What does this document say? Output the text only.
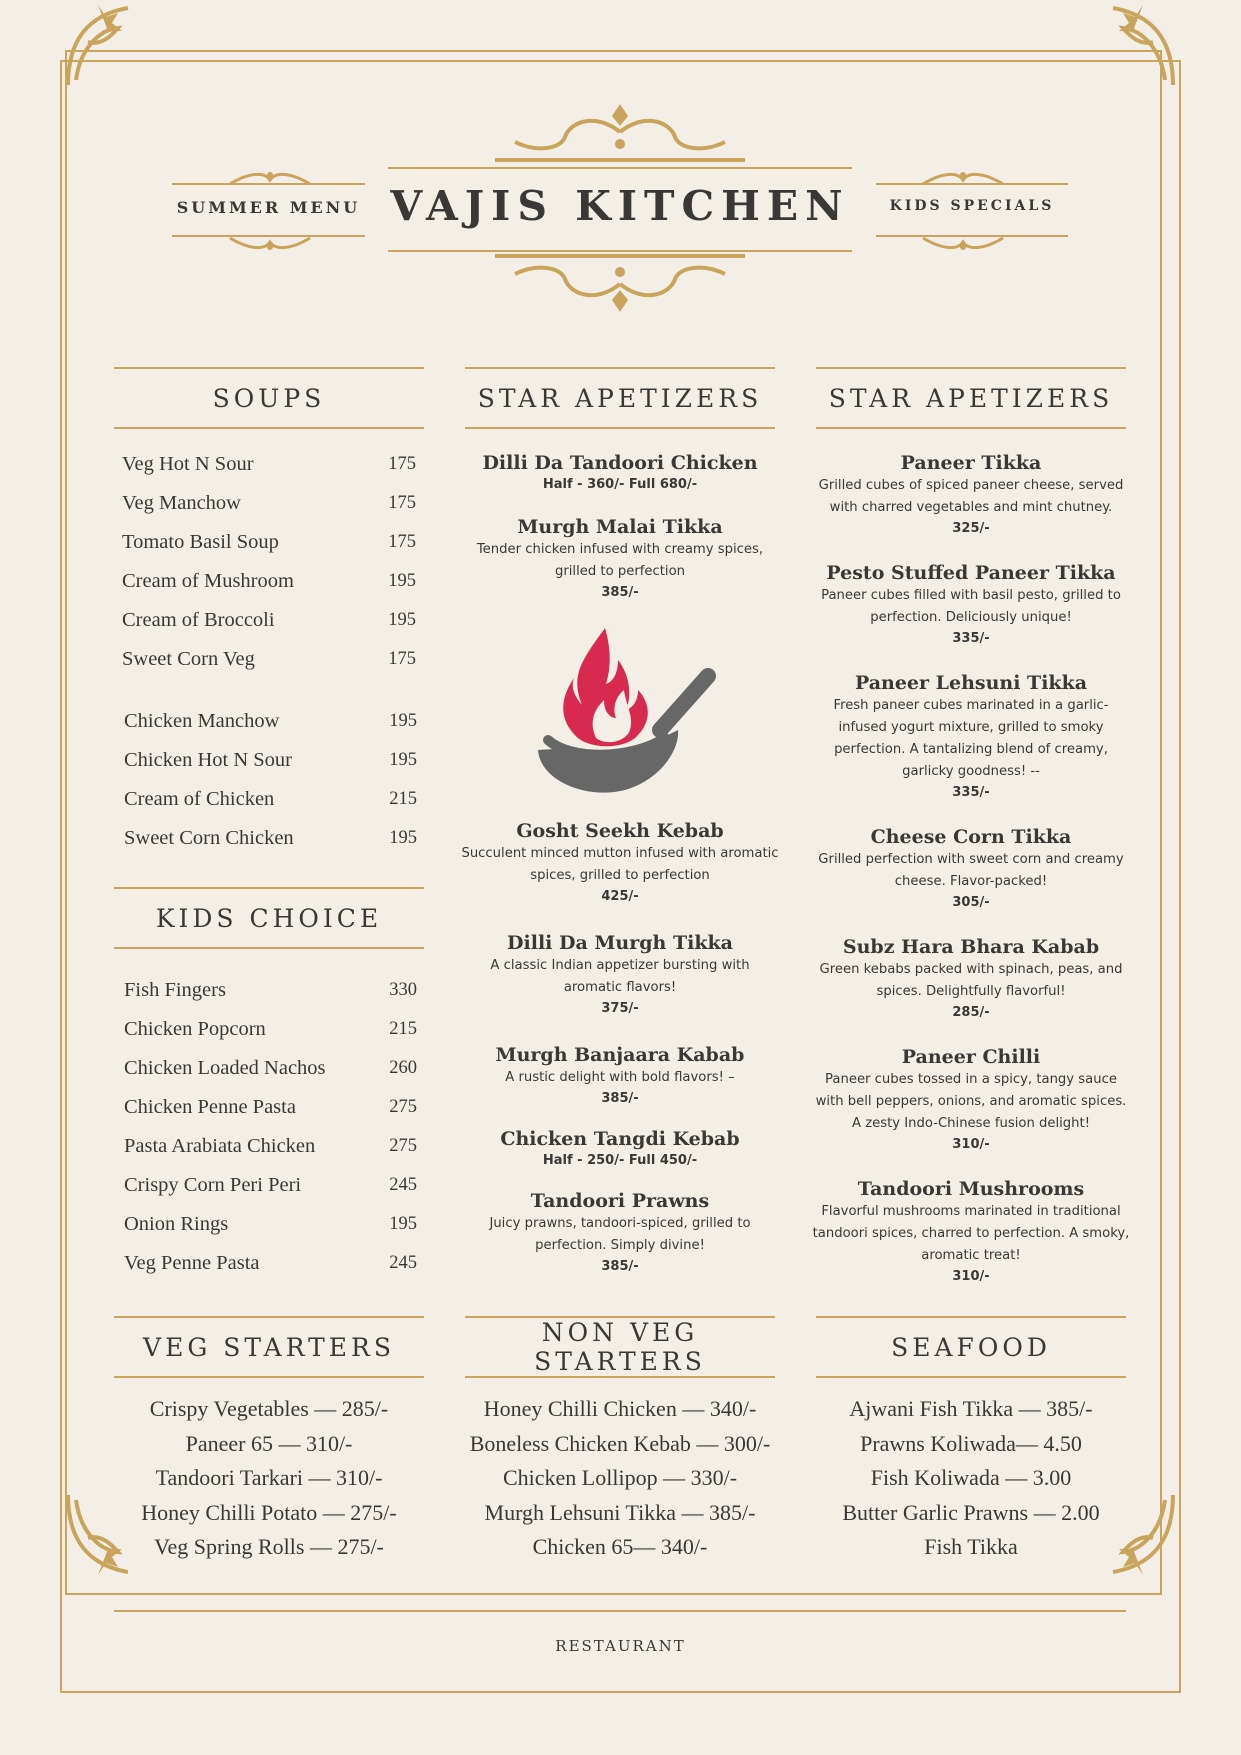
VAJIS KITCHEN
SUMMER MENU	KIDS SPECIALS
SOUPS
Veg Hot N Sour	175
Veg Manchow	175
Tomato Basil Soup	175
Cream of Mushroom	195
Cream of Broccoli	195
Sweet Corn Veg	175
Chicken Manchow	195
Chicken Hot N Sour	195
Cream of Chicken	215
Sweet Corn Chicken	195
KIDS CHOICE
Fish Fingers	330
Chicken Popcorn	215
Chicken Loaded Nachos	260
Chicken Penne Pasta	275
Pasta Arabiata Chicken	275
Crispy Corn Peri Peri	245
Onion Rings	195
Veg Penne Pasta	245
STAR APETIZERS
Dilli Da Tandoori Chicken
Half - 360/- Full 680/-
Murgh Malai Tikka
Tender chicken infused with creamy spices, grilled to perfection
385/-
Gosht Seekh Kebab
Succulent minced mutton infused with aromatic spices, grilled to perfection
425/-
Dilli Da Murgh Tikka
A classic Indian appetizer bursting with aromatic flavors!
375/-
Murgh Banjaara Kabab
A rustic delight with bold flavors! –
385/-
Chicken Tangdi Kebab
Half - 250/- Full 450/-
Tandoori Prawns
Juicy prawns, tandoori-spiced, grilled to perfection. Simply divine!
385/-
STAR APETIZERS
Paneer Tikka
Grilled cubes of spiced paneer cheese, served with charred vegetables and mint chutney.
325/-
Pesto Stuffed Paneer Tikka
Paneer cubes filled with basil pesto, grilled to perfection. Deliciously unique!
335/-
Paneer Lehsuni Tikka
Fresh paneer cubes marinated in a garlic-infused yogurt mixture, grilled to smoky perfection. A tantalizing blend of creamy, garlicky goodness! --
335/-
Cheese Corn Tikka
Grilled perfection with sweet corn and creamy cheese. Flavor-packed!
305/-
Subz Hara Bhara Kabab
Green kebabs packed with spinach, peas, and spices. Delightfully flavorful!
285/-
Paneer Chilli
Paneer cubes tossed in a spicy, tangy sauce with bell peppers, onions, and aromatic spices. A zesty Indo-Chinese fusion delight!
310/-
Tandoori Mushrooms
Flavorful mushrooms marinated in traditional tandoori spices, charred to perfection. A smoky, aromatic treat!
310/-
VEG STARTERS	NON VEG STARTERS	SEAFOOD
Crispy Vegetables — 285/-
Paneer 65 — 310/-
Tandoori Tarkari — 310/-
Honey Chilli Potato — 275/-
Veg Spring Rolls — 275/-
Honey Chilli Chicken — 340/-
Boneless Chicken Kebab — 300/-
Chicken Lollipop — 330/-
Murgh Lehsuni Tikka — 385/-
Chicken 65— 340/-
Ajwani Fish Tikka — 385/-
Prawns Koliwada— 4.50
Fish Koliwada — 3.00
Butter Garlic Prawns — 2.00
Fish Tikka
RESTAURANT
